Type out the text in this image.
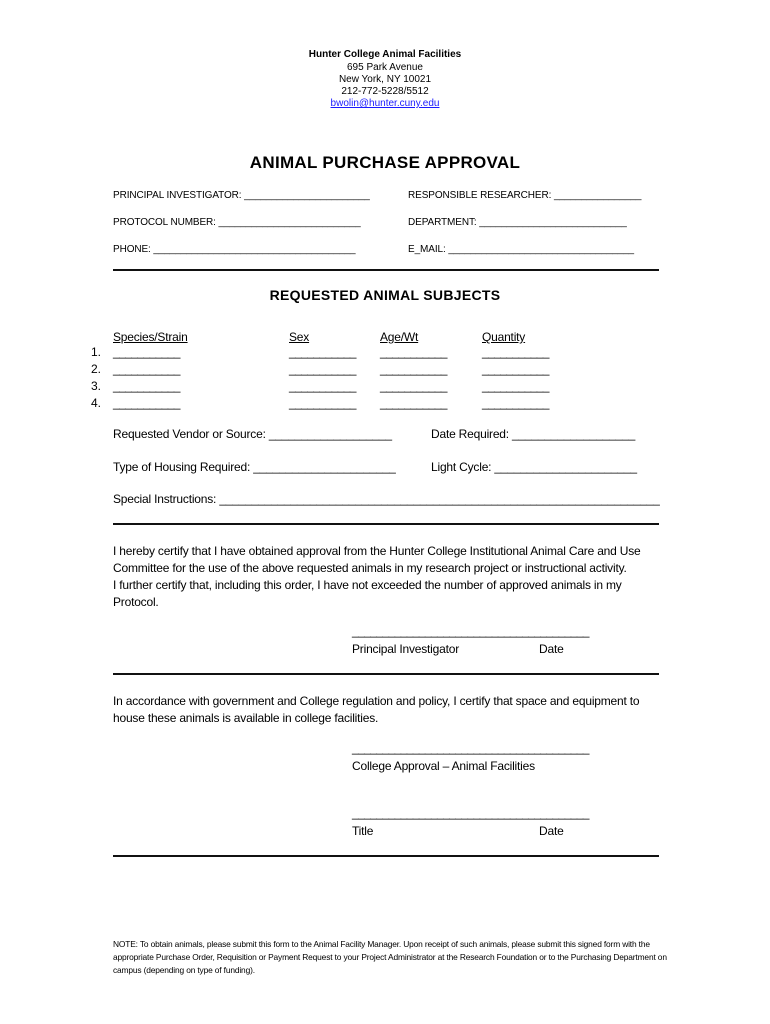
Hunter College Animal Facilities
695 Park Avenue
New York, NY 10021
212-772-5228/5512
bwolin@hunter.cuny.edu
ANIMAL PURCHASE APPROVAL
PRINCIPAL INVESTIGATOR: _______________________	RESPONSIBLE RESEARCHER: ________________
PROTOCOL NUMBER: __________________________	DEPARTMENT: ___________________________
PHONE: _____________________________________	E_MAIL: __________________________________
REQUESTED ANIMAL SUBJECTS
Species/Strain	Sex	Age/Wt	Quantity
1. ___________	___________ ___________	___________
2. ___________	___________ ___________	___________
3. ___________	___________ ___________	___________
4. ___________	___________ ___________	___________
Requested Vendor or Source: ___________________	Date Required: ___________________
Type of Housing Required: ______________________	Light Cycle: ______________________
Special Instructions: ____________________________________________________________________
I hereby certify that I have obtained approval from the Hunter College Institutional Animal Care and Use
Committee for the use of the above requested animals in my research project or instructional activity.
I further certify that, including this order, I have not exceeded the number of approved animals in my
Protocol.
_______________________________________
Principal Investigator	Date
In accordance with government and College regulation and policy, I certify that space and equipment to
house these animals is available in college facilities.
_______________________________________
College Approval – Animal Facilities
_______________________________________
Title	Date
NOTE: To obtain animals, please submit this form to the Animal Facility Manager. Upon receipt of such animals, please submit this signed form with the appropriate Purchase Order, Requisition or Payment Request to your Project Administrator at the Research Foundation or to the Purchasing Department on campus (depending on type of funding).
